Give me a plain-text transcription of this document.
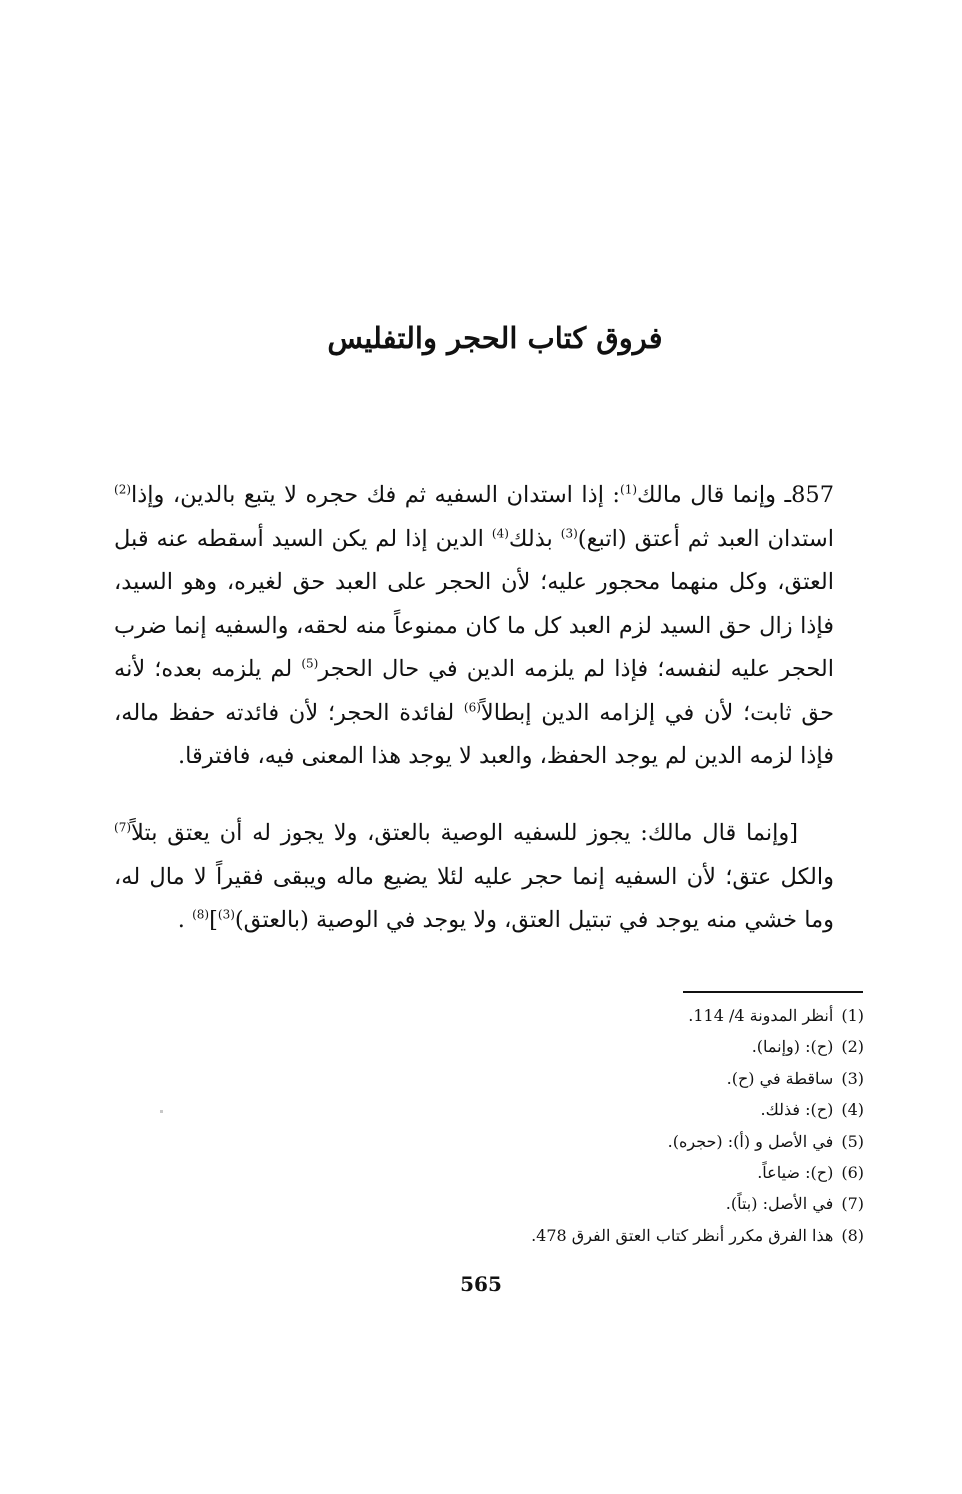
فروق كتاب الحجر والتفليس

857ـ وإنما قال مالك$^{(1)}$: إذا استدان السفيه ثم فك حجره لا يتبع بالدين، وإذا$^{(2)}$ استدان العبد ثم أعتق (اتبع)$^{(3)}$ بذلك$^{(4)}$ الدين إذا لم يكن السيد أسقطه عنه قبل العتق، وكل منهما محجور عليه؛ لأن الحجر على العبد حق لغيره، وهو السيد، فإذا زال حق السيد لزم العبد كل ما كان ممنوعاً منه لحقه، والسفيه إنما ضرب الحجر عليه لنفسه؛ فإذا لم يلزمه الدين في حال الحجر$^{(5)}$ لم يلزمه بعده؛ لأنه حق ثابت؛ لأن في إلزامه الدين إبطالاً$^{(6)}$ لفائدة الحجر؛ لأن فائدته حفظ ماله، فإذا لزمه الدين لم يوجد الحفظ، والعبد لا يوجد هذا المعنى فيه، فافترقا.

[وإنما قال مالك: يجوز للسفيه الوصية بالعتق، ولا يجوز له أن يعتق بتلاً$^{(7)}$ والكل عتق؛ لأن السفيه إنما حجر عليه لئلا يضيع ماله ويبقى فقيراً لا مال له، وما خشي منه يوجد في تبتيل العتق، ولا يوجد في الوصية (بالعتق)$^{(3)}$]$^{(8)}$ .

(1)
أنظر المدونة 4/ 114.
(2)
(ح): (وإنما).
(3)
ساقطة في (ح).
(4)
(ح): فذلك.
(5)
في الأصل و (أ): (حجره).
(6)
(ح): ضياعاً.
(7)
في الأصل: (بتاً).
(8)
هذا الفرق مكرر أنظر كتاب العتق الفرق 478.
565
